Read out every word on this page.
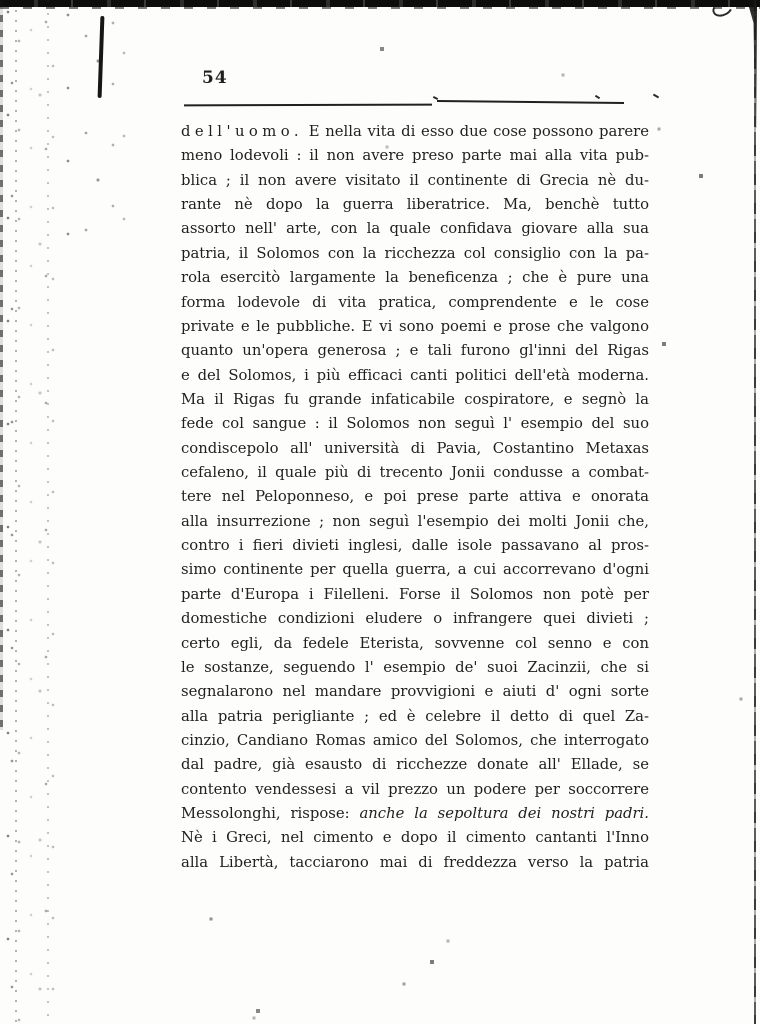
54
dell'uomo. E nella vita di esso due cose possono parere
meno lodevoli : il non avere preso parte mai alla vita pub-
blica ; il non avere visitato il continente di Grecia nè du-
rante nè dopo la guerra liberatrice. Ma, benchè tutto
assorto nell' arte, con la quale confidava giovare alla sua
patria, il Solomos con la ricchezza col consiglio con la pa-
rola esercitò largamente la beneficenza ; che è pure una
forma lodevole di vita pratica, comprendente e le cose
private e le pubbliche. E vi sono poemi e prose che valgono
quanto un'opera generosa ; e tali furono gl'inni del Rigas
e del Solomos, i più efficaci canti politici dell'età moderna.
Ma il Rigas fu grande infaticabile cospiratore, e segnò la
fede col sangue : il Solomos non seguì l' esempio del suo
condiscepolo all' università di Pavia, Costantino Metaxas
cefaleno, il quale più di trecento Jonii condusse a combat-
tere nel Peloponneso, e poi prese parte attiva e onorata
alla insurrezione ; non seguì l'esempio dei molti Jonii che,
contro i fieri divieti inglesi, dalle isole passavano al pros-
simo continente per quella guerra, a cui accorrevano d'ogni
parte d'Europa i Filelleni. Forse il Solomos non potè per
domestiche condizioni eludere o infrangere quei divieti ;
certo egli, da fedele Eterista, sovvenne col senno e con
le sostanze, seguendo l' esempio de' suoi Zacinzii, che si
segnalarono nel mandare provvigioni e aiuti d' ogni sorte
alla patria perigliante ; ed è celebre il detto di quel Za-
cinzio, Candiano Romas amico del Solomos, che interrogato
dal padre, già esausto di ricchezze donate all' Ellade, se
contento vendessesi a vil prezzo un podere per soccorrere
Messolonghi, rispose: anche la sepoltura dei nostri padri.
Nè i Greci, nel cimento e dopo il cimento cantanti l'Inno
alla Libertà, tacciarono mai di freddezza verso la patria
